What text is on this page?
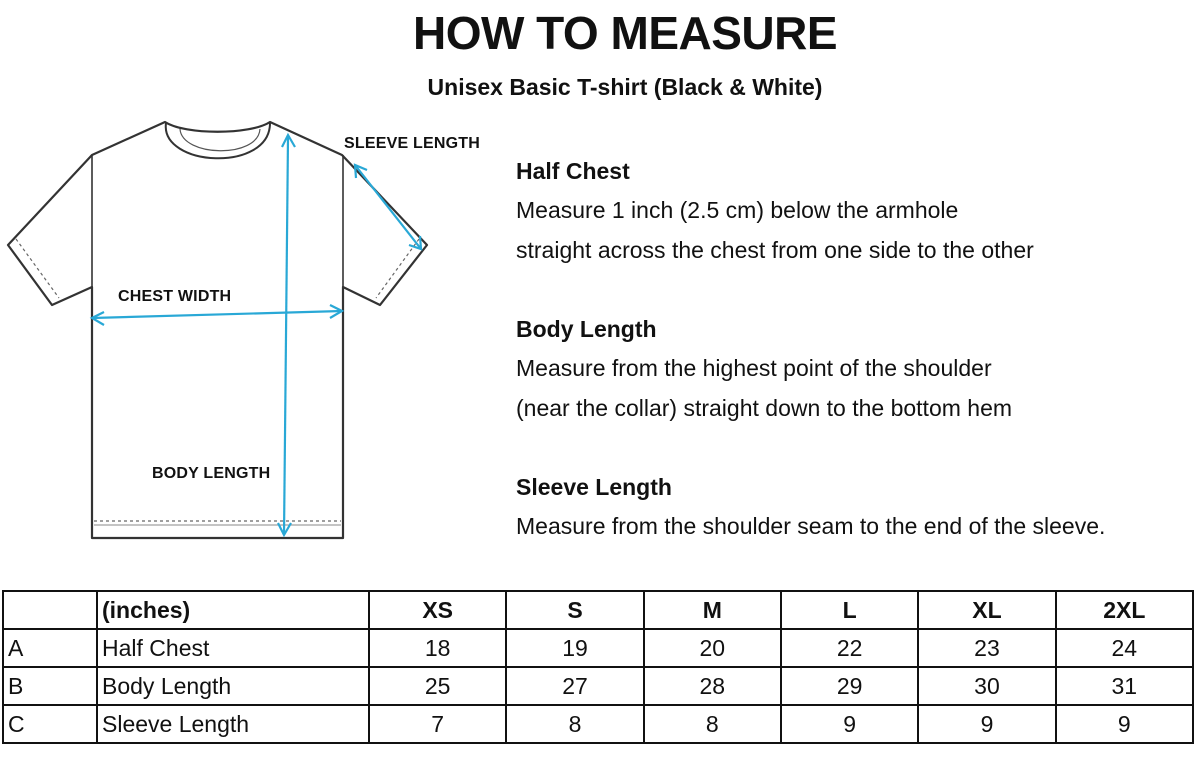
HOW TO MEASURE
Unisex Basic T-shirt (Black & White)
SLEEVE LENGTH
CHEST WIDTH
BODY LENGTH
Half Chest

Measure 1 inch (2.5 cm) below the armhole

straight across the chest from one side to the other

Body Length

Measure from the highest point of the shoulder

(near the collar) straight down to the bottom hem

Sleeve Length

Measure from the shoulder seam to the end of the sleeve.

	(inches)	XS	S	M	L	XL	2XL
A	Half Chest	18	19	20	22	23	24
B	Body Length	25	27	28	29	30	31
C	Sleeve Length	7	8	8	9	9	9
